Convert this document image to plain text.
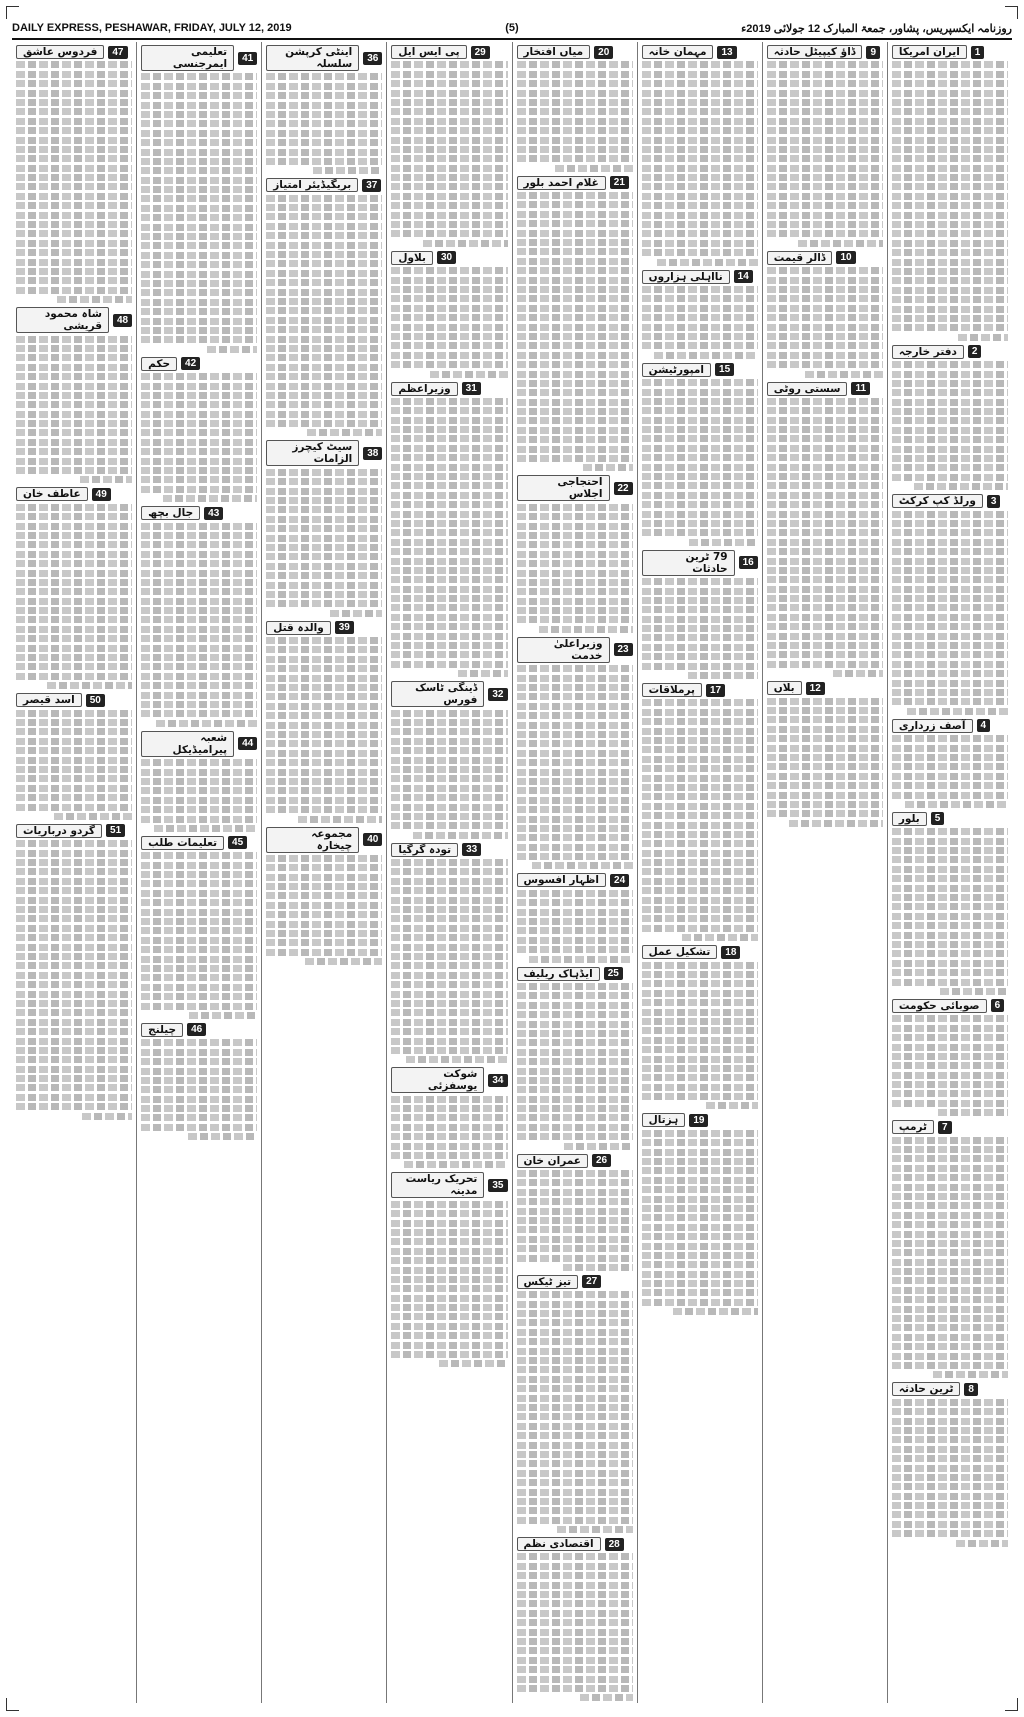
DAILY EXPRESS, PESHAWAR, FRIDAY, JULY 12, 2019	(5)	روزنامہ ایکسپریس، پشاور، جمعۃ المبارک 12 جولائی 2019ء
1
ایران امریکا
2
دفتر خارجہ
3
ورلڈ کپ کرکٹ
4
آصف زرداری
5
بلور
6
صوبائی حکومت
7
ٹرمپ
8
ٹرین حادثہ
9
ڈاؤ کیپیٹل حادثہ
10
ڈالر قیمت
11
سستی روٹی
12
بلاں
13
مہمان خانہ
14
نااہلی ہزاروں
15
امپورٹیشن
16
79 ٹرین حادثات
17
پرملاقات
18
تشکیل عمل
19
ہزتال
20
میاں افتخار
21
غلام احمد بلور
22
احتجاجی اجلاس
23
وزیراعلیٰ خدمت
24
اظہار افسوس
25
ایڈہاک ریلیف
26
عمران خان
27
تیز ٹیکس
28
اقتصادی نظم
29
پی ایس ایل
30
بلاول
31
وزیراعظم
32
ڈینگی ٹاسک فورس
33
تودہ گرگیا
34
شوکت یوسفزئی
35
تحریک ریاست مدینہ
36
اینٹی کرپشن سلسلہ
37
بریگیڈیئر امتیاز
38
سیٹ کیچرز الزامات
39
والدہ قتل
40
مجموعہ چیخارہ
41
تعلیمی ایمرجنسی
42
حکم
43
جال بچھ
44
شعبہ پیرامیڈیکل
45
تعلیمات طلب
46
چیلنج
47
فردوس عاشق
48
شاہ محمود قریشی
49
عاطف خان
50
اسد قیصر
51
گردو درباریات
